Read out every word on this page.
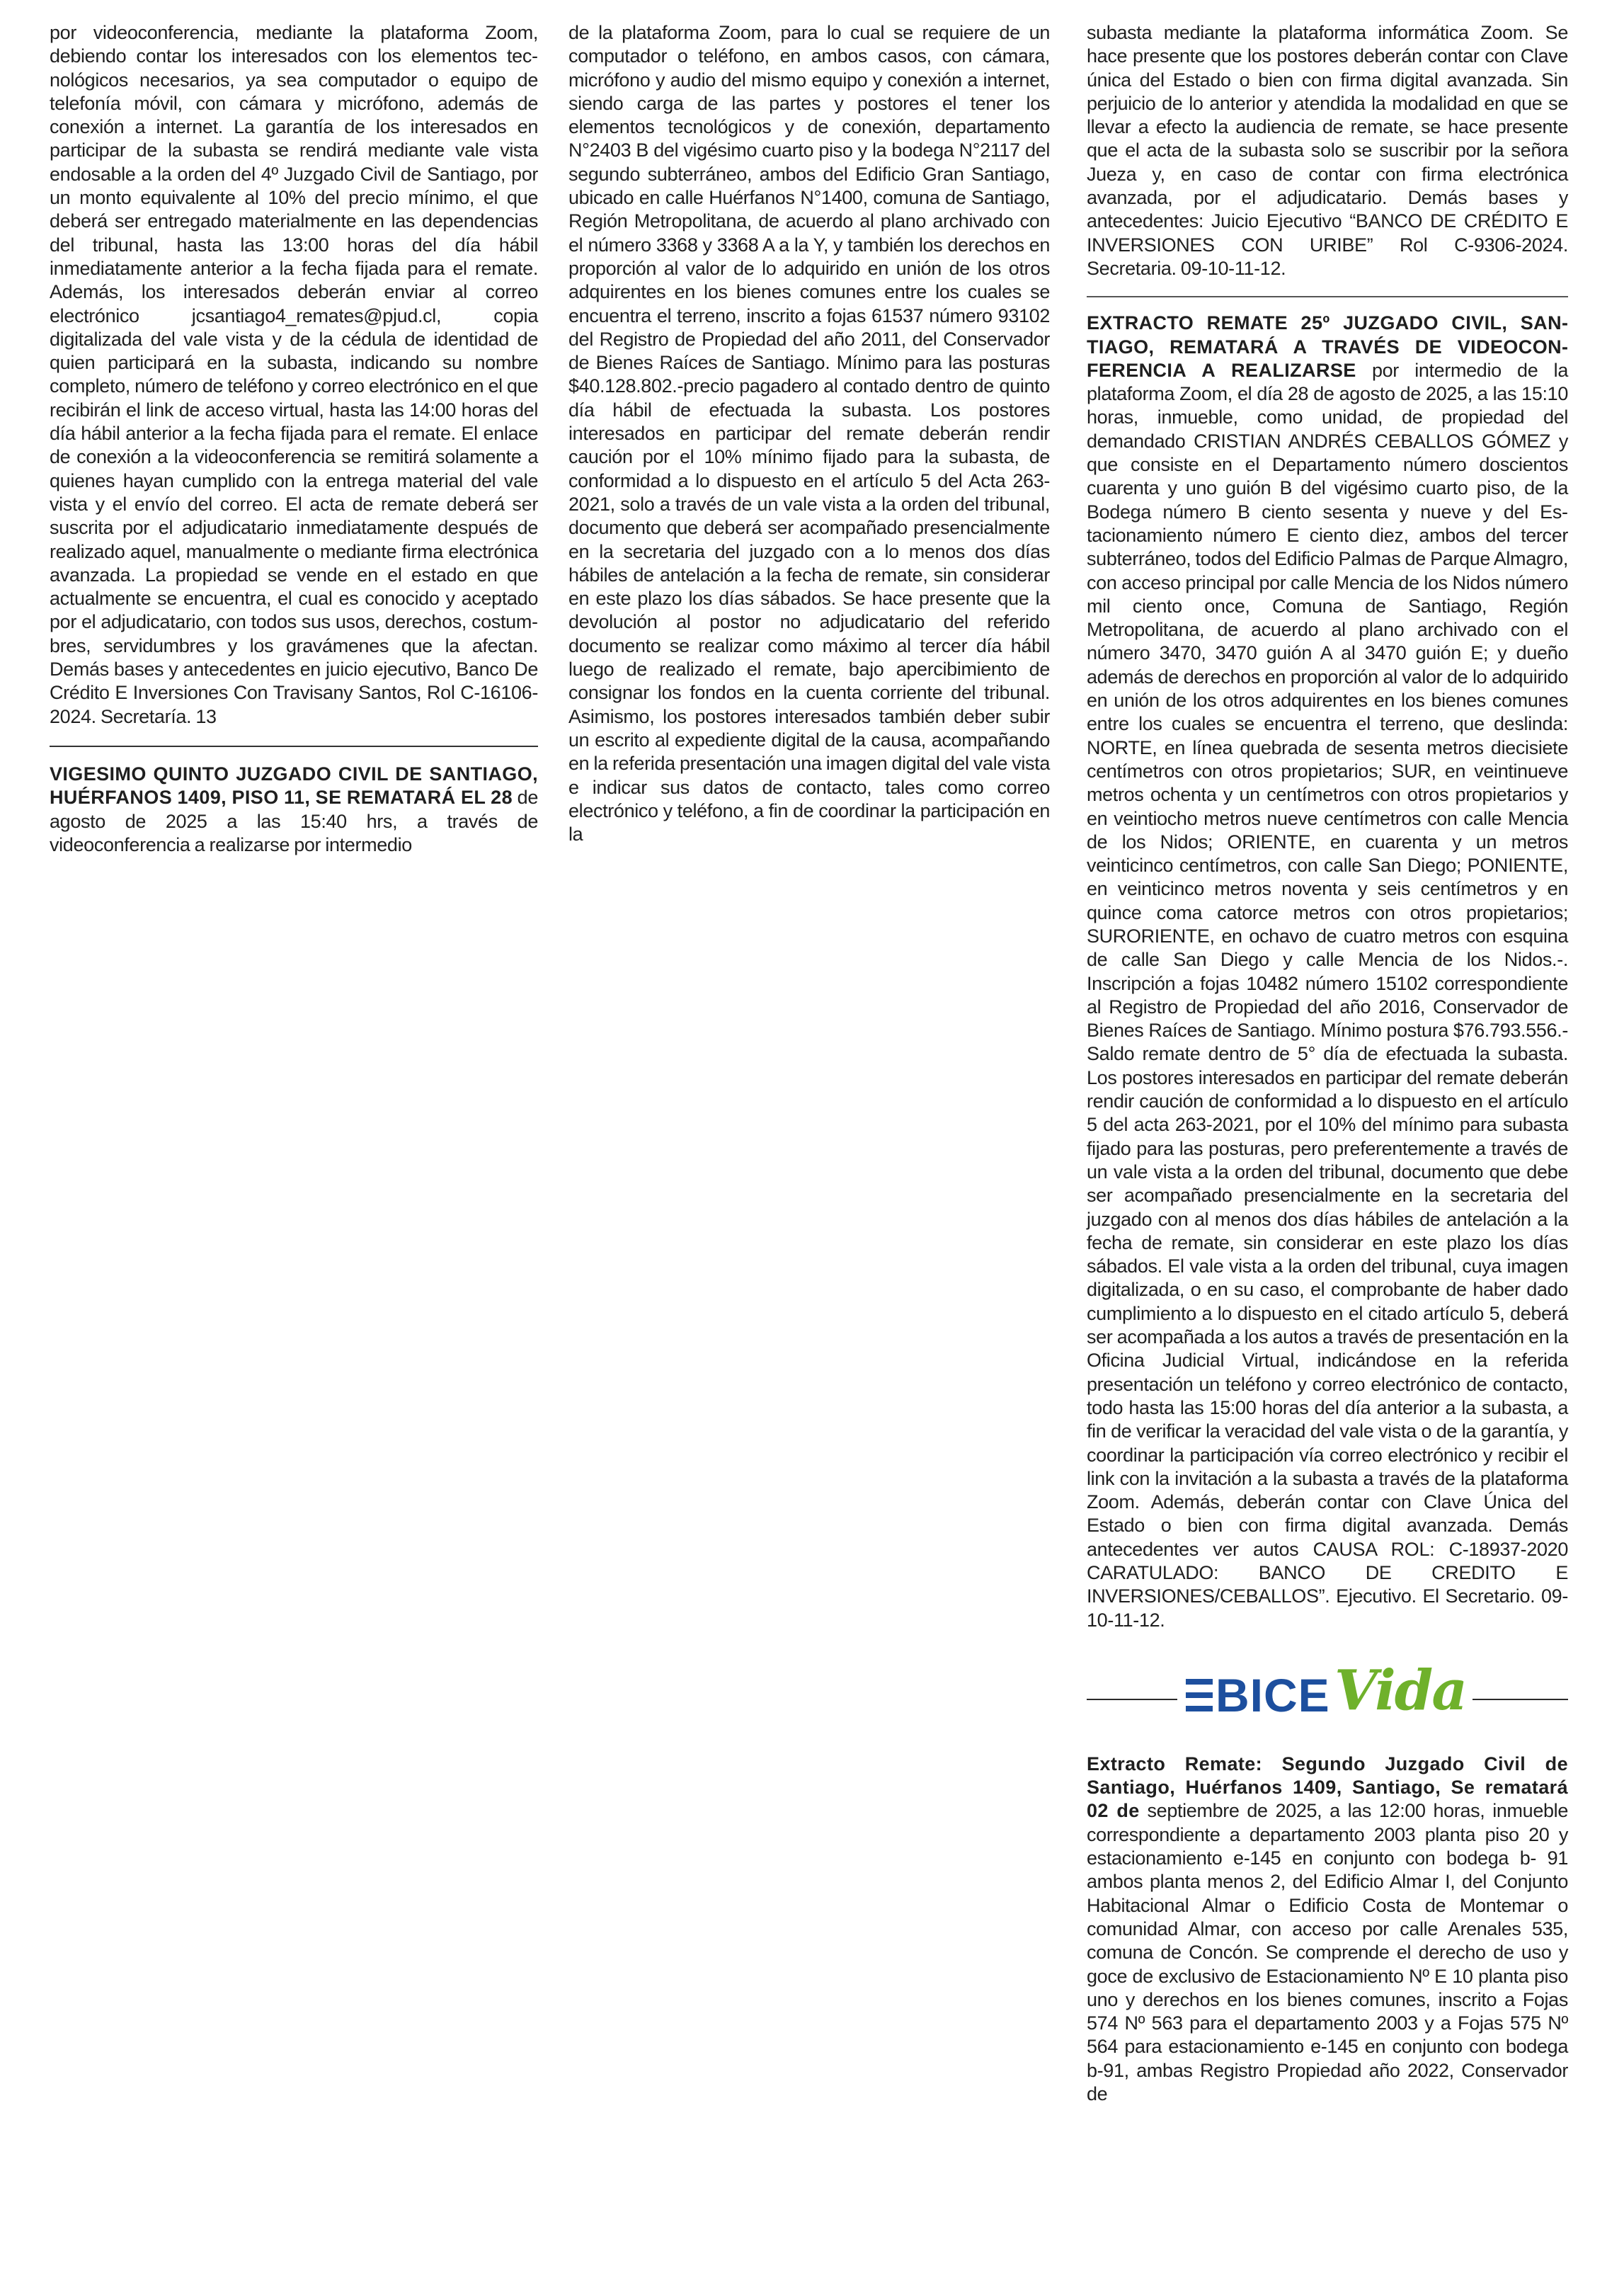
por videoconferencia, mediante la plataforma Zoom, debiendo contar los interesados con los elementos tecnológicos necesarios, ya sea computador o equipo de telefonía móvil, con cámara y micrófono, además de conexión a internet. La garantía de los interesados en participar de la subasta se rendirá mediante vale vista endosable a la orden del 4º Juzgado Civil de Santiago, por un monto equivalente al 10% del precio mínimo, el que deberá ser entregado materialmente en las dependencias del tribunal, hasta las 13:00 horas del día hábil inmediatamente anterior a la fecha fijada para el remate. Además, los interesados deberán enviar al correo electrónico jcsantiago4_remates@pjud.cl, copia digitalizada del vale vista y de la cédula de identidad de quien participará en la subasta, indicando su nombre completo, número de teléfono y correo electrónico en el que recibirán el link de acceso virtual, hasta las 14:00 horas del día hábil anterior a la fecha fijada para el remate. El enlace de conexión a la videoconferencia se remitirá solamente a quienes hayan cumplido con la entrega material del vale vista y el envío del correo. El acta de remate deberá ser suscrita por el adjudicatario inmediatamente después de realizado aquel, manualmente o mediante firma electrónica avanzada. La propiedad se vende en el estado en que actualmente se encuentra, el cual es conocido y aceptado por el adjudicatario, con todos sus usos, derechos, costumbres, servidumbres y los gravámenes que la afectan. Demás bases y antecedentes en juicio ejecutivo, Banco De Crédito E Inversiones Con Travisany Santos, Rol C-16106-2024. Secretaría. 13

VIGESIMO QUINTO JUZGADO CIVIL DE SANTIAGO, HUÉRFANOS 1409, PISO 11, SE REMATARÁ EL 28 de agosto de 2025 a las 15:40 hrs, a través de videoconferencia a realizarse por intermedio

de la plataforma Zoom, para lo cual se requiere de un computador o teléfono, en ambos casos, con cámara, micrófono y audio del mismo equipo y conexión a internet, siendo carga de las partes y postores el tener los elementos tecnológicos y de conexión, departamento N°2403 B del vigésimo cuarto piso y la bodega N°2117 del segundo subterráneo, ambos del Edificio Gran Santiago, ubicado en calle Huérfanos N°1400, comuna de Santiago, Región Metropolitana, de acuerdo al plano archivado con el número 3368 y 3368 A a la Y, y también los derechos en proporción al valor de lo adquirido en unión de los otros adquirentes en los bienes comunes entre los cuales se encuentra el terreno, inscrito a fojas 61537 número 93102 del Registro de Propiedad del año 2011, del Conservador de Bienes Raíces de Santiago. Mínimo para las posturas $40.128.802.-precio pagadero al contado dentro de quinto día hábil de efectuada la subasta. Los postores interesados en participar del remate deberán rendir caución por el 10% mínimo fijado para la subasta, de conformidad a lo dispuesto en el artículo 5 del Acta 263-2021, solo a través de un vale vista a la orden del tribunal, documento que deberá ser acompañado presencialmente en la secretaria del juzgado con a lo menos dos días hábiles de antelación a la fecha de remate, sin considerar en este plazo los días sábados. Se hace presente que la devolución al postor no adjudicatario del referido documento se realizar como máximo al tercer día hábil luego de realizado el remate, bajo apercibimiento de consignar los fondos en la cuenta corriente del tribunal. Asimismo, los postores interesados también deber subir un escrito al expediente digital de la causa, acompañando en la referida presentación una imagen digital del vale vista e indicar sus datos de contacto, tales como correo electrónico y teléfono, a fin de coordinar la participación en la

subasta mediante la plataforma informática Zoom. Se hace presente que los postores deberán contar con Clave única del Estado o bien con firma digital avanzada. Sin perjuicio de lo anterior y atendida la modalidad en que se llevar a efecto la audiencia de remate, se hace presente que el acta de la subasta solo se suscribir por la señora Jueza y, en caso de contar con firma electrónica avanzada, por el adjudicatario. Demás bases y antecedentes: Juicio Ejecutivo “BANCO DE CRÉDITO E INVERSIONES CON URIBE” Rol C-9306-2024. Secretaria. 09-10-11-12.

EXTRACTO REMATE 25º JUZGADO CIVIL, SANTIAGO, REMATARÁ A TRAVÉS DE VIDEOCONFERENCIA A REALIZARSE por intermedio de la plataforma Zoom, el día 28 de agosto de 2025, a las 15:10 horas, inmueble, como unidad, de propiedad del demandado CRISTIAN ANDRÉS CEBALLOS GÓMEZ y que consiste en el Departamento número doscientos cuarenta y uno guión B del vigésimo cuarto piso, de la Bodega número B ciento sesenta y nueve y del Estacionamiento número E ciento diez, ambos del tercer subterráneo, todos del Edificio Palmas de Parque Almagro, con acceso principal por calle Mencia de los Nidos número mil ciento once, Comuna de Santiago, Región Metropolitana, de acuerdo al plano archivado con el número 3470, 3470 guión A al 3470 guión E; y dueño además de derechos en proporción al valor de lo adquirido en unión de los otros adquirentes en los bienes comunes entre los cuales se encuentra el terreno, que deslinda: NORTE, en línea quebrada de sesenta metros diecisiete centímetros con otros propietarios; SUR, en veintinueve metros ochenta y un centímetros con otros propietarios y en veintiocho metros nueve centímetros con calle Mencia de los Nidos; ORIENTE, en cuarenta y un metros veinticinco centímetros, con calle San Diego; PONIENTE, en veinticinco metros noventa y seis centímetros y en quince coma catorce metros con otros propietarios; SURORIENTE, en ochavo de cuatro metros con esquina de calle San Diego y calle Mencia de los Nidos.-. Inscripción a fojas 10482 número 15102 correspondiente al Registro de Propiedad del año 2016, Conservador de Bienes Raíces de Santiago. Mínimo postura $76.793.556.- Saldo remate dentro de 5° día de efectuada la subasta. Los postores interesados en participar del remate deberán rendir caución de conformidad a lo dispuesto en el artículo 5 del acta 263-2021, por el 10% del mínimo para subasta fijado para las posturas, pero preferentemente a través de un vale vista a la orden del tribunal, documento que debe ser acompañado presencialmente en la secretaria del juzgado con al menos dos días hábiles de antelación a la fecha de remate, sin considerar en este plazo los días sábados. El vale vista a la orden del tribunal, cuya imagen digitalizada, o en su caso, el comprobante de haber dado cumplimiento a lo dispuesto en el citado artículo 5, deberá ser acompañada a los autos a través de presentación en la Oficina Judicial Virtual, indicándose en la referida presentación un teléfono y correo electrónico de contacto, todo hasta las 15:00 horas del día anterior a la subasta, a fin de verificar la veracidad del vale vista o de la garantía, y coordinar la participación vía correo electrónico y recibir el link con la invitación a la subasta a través de la plataforma Zoom. Además, deberán contar con Clave Única del Estado o bien con firma digital avanzada. Demás antecedentes ver autos CAUSA ROL: C-18937-2020 CARATULADO: BANCO DE CREDITO E INVERSIONES/CEBALLOS”. Ejecutivo. El Secretario. 09-10-11-12.

BICE Vida

Extracto Remate: Segundo Juzgado Civil de Santiago, Huérfanos 1409, Santiago, Se rematará 02 de septiembre de 2025, a las 12:00 horas, inmueble correspondiente a departamento 2003 planta piso 20 y estacionamiento e-145 en conjunto con bodega b- 91 ambos planta menos 2, del Edificio Almar I, del Conjunto Habitacional Almar o Edificio Costa de Montemar o comunidad Almar, con acceso por calle Arenales 535, comuna de Concón. Se comprende el derecho de uso y goce de exclusivo de Estacionamiento Nº E 10 planta piso uno y derechos en los bienes comunes, inscrito a Fojas 574 Nº 563 para el departamento 2003 y a Fojas 575 Nº 564 para estacionamiento e-145 en conjunto con bodega b-91, ambas Registro Propiedad año 2022, Conservador de
